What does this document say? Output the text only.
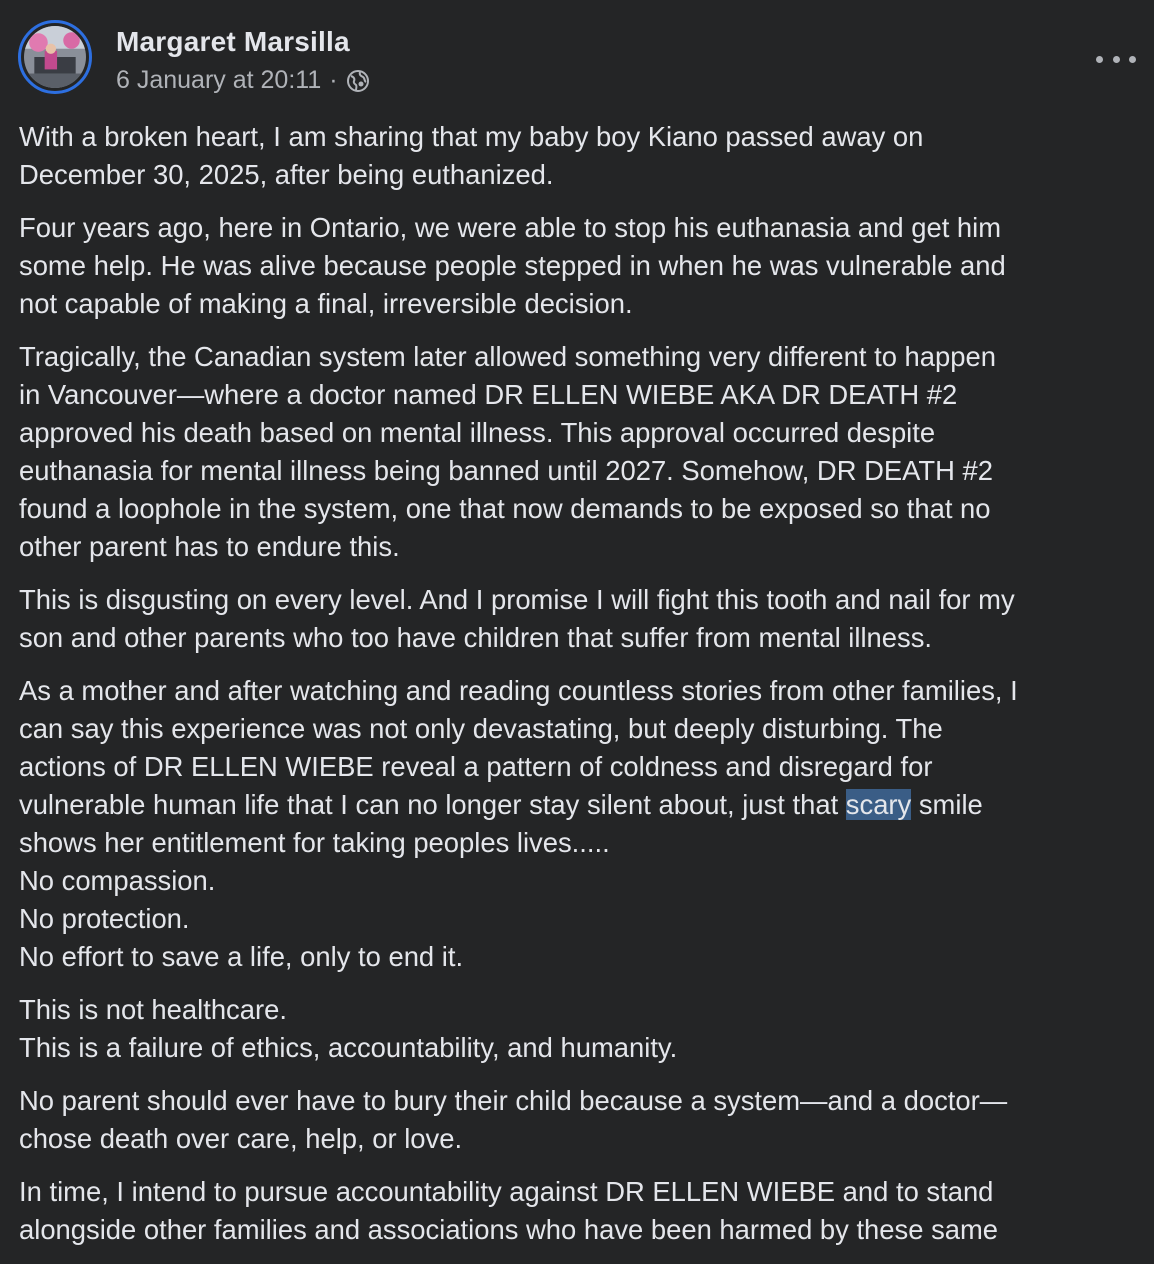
Margaret Marsilla
6 January at 20:11 ·

With a broken heart, I am sharing that my baby boy Kiano passed away on
December 30, 2025, after being euthanized.

Four years ago, here in Ontario, we were able to stop his euthanasia and get him
some help. He was alive because people stepped in when he was vulnerable and
not capable of making a final, irreversible decision.

Tragically, the Canadian system later allowed something very different to happen
in Vancouver—where a doctor named DR ELLEN WIEBE AKA DR DEATH #2
approved his death based on mental illness. This approval occurred despite
euthanasia for mental illness being banned until 2027. Somehow, DR DEATH #2
found a loophole in the system, one that now demands to be exposed so that no
other parent has to endure this.

This is disgusting on every level. And I promise I will fight this tooth and nail for my
son and other parents who too have children that suffer from mental illness.

As a mother and after watching and reading countless stories from other families, I
can say this experience was not only devastating, but deeply disturbing. The
actions of DR ELLEN WIEBE reveal a pattern of coldness and disregard for
vulnerable human life that I can no longer stay silent about, just that scary smile
shows her entitlement for taking peoples lives.....
No compassion.
No protection.
No effort to save a life, only to end it.

This is not healthcare.
This is a failure of ethics, accountability, and humanity.

No parent should ever have to bury their child because a system—and a doctor—
chose death over care, help, or love.

In time, I intend to pursue accountability against DR ELLEN WIEBE and to stand
alongside other families and associations who have been harmed by these same
